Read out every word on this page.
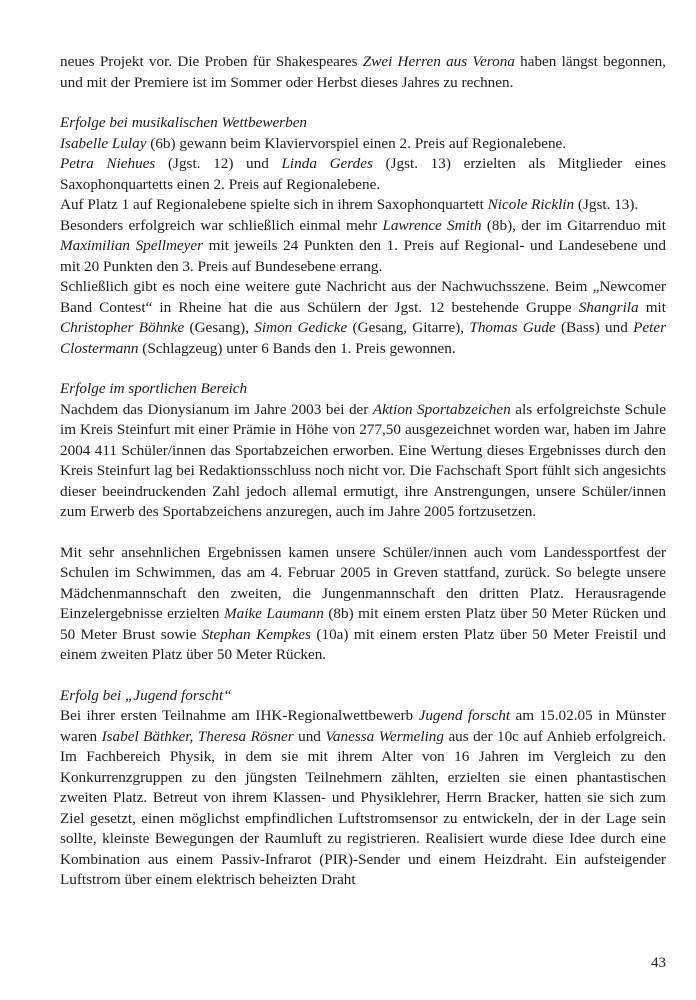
neues Projekt vor. Die Proben für Shakespeares Zwei Herren aus Verona haben längst begonnen, und mit der Premiere ist im Sommer oder Herbst dieses Jahres zu rechnen.

Erfolge bei musikalischen Wettbewerben

Isabelle Lulay (6b) gewann beim Klaviervorspiel einen 2. Preis auf Regionalebene.

Petra Niehues (Jgst. 12) und Linda Gerdes (Jgst. 13) erzielten als Mitglieder eines Saxophonquartetts einen 2. Preis auf Regionalebene.

Auf Platz 1 auf Regionalebene spielte sich in ihrem Saxophonquartett Nicole Ricklin (Jgst. 13).

Besonders erfolgreich war schließlich einmal mehr Lawrence Smith (8b), der im Gitarrenduo mit Maximilian Spellmeyer mit jeweils 24 Punkten den 1. Preis auf Regional- und Landesebene und mit 20 Punkten den 3. Preis auf Bundesebene errang.

Schließlich gibt es noch eine weitere gute Nachricht aus der Nachwuchsszene. Beim „Newcomer Band Contest“ in Rheine hat die aus Schülern der Jgst. 12 bestehende Gruppe Shangrila mit Christopher Böhnke (Gesang), Simon Gedicke (Gesang, Gitarre), Thomas Gude (Bass) und Peter Clostermann (Schlagzeug) unter 6 Bands den 1. Preis gewonnen.

Erfolge im sportlichen Bereich

Nachdem das Dionysianum im Jahre 2003 bei der Aktion Sportabzeichen als erfolgreichste Schule im Kreis Steinfurt mit einer Prämie in Höhe von 277,50 ausgezeichnet worden war, haben im Jahre 2004 411 Schüler/innen das Sportabzeichen erworben. Eine Wertung dieses Ergebnisses durch den Kreis Steinfurt lag bei Redaktionsschluss noch nicht vor. Die Fachschaft Sport fühlt sich angesichts dieser beeindruckenden Zahl jedoch allemal ermutigt, ihre Anstrengungen, unsere Schüler/innen zum Erwerb des Sportabzeichens anzuregen, auch im Jahre 2005 fortzusetzen.

Mit sehr ansehnlichen Ergebnissen kamen unsere Schüler/innen auch vom Landessportfest der Schulen im Schwimmen, das am 4. Februar 2005 in Greven stattfand, zurück. So belegte unsere Mädchenmannschaft den zweiten, die Jungenmannschaft den dritten Platz. Herausragende Einzelergebnisse erzielten Maike Laumann (8b) mit einem ersten Platz über 50 Meter Rücken und 50 Meter Brust sowie Stephan Kempkes (10a) mit einem ersten Platz über 50 Meter Freistil und einem zweiten Platz über 50 Meter Rücken.

Erfolg bei „Jugend forscht“

Bei ihrer ersten Teilnahme am IHK-Regionalwettbewerb Jugend forscht am 15.02.05 in Münster waren Isabel Bäthker, Theresa Rösner und Vanessa Wermeling aus der 10c auf Anhieb erfolgreich. Im Fachbereich Physik, in dem sie mit ihrem Alter von 16 Jahren im Vergleich zu den Konkurrenzgruppen zu den jüngsten Teilnehmern zählten, erzielten sie einen phantastischen zweiten Platz. Betreut von ihrem Klassen- und Physiklehrer, Herrn Bracker, hatten sie sich zum Ziel gesetzt, einen möglichst empfindlichen Luftstromsensor zu entwickeln, der in der Lage sein sollte, kleinste Bewegungen der Raumluft zu registrieren. Realisiert wurde diese Idee durch eine Kombination aus einem Passiv-Infrarot (PIR)-Sender und einem Heizdraht. Ein aufsteigender Luftstrom über einem elektrisch beheizten Draht

43
